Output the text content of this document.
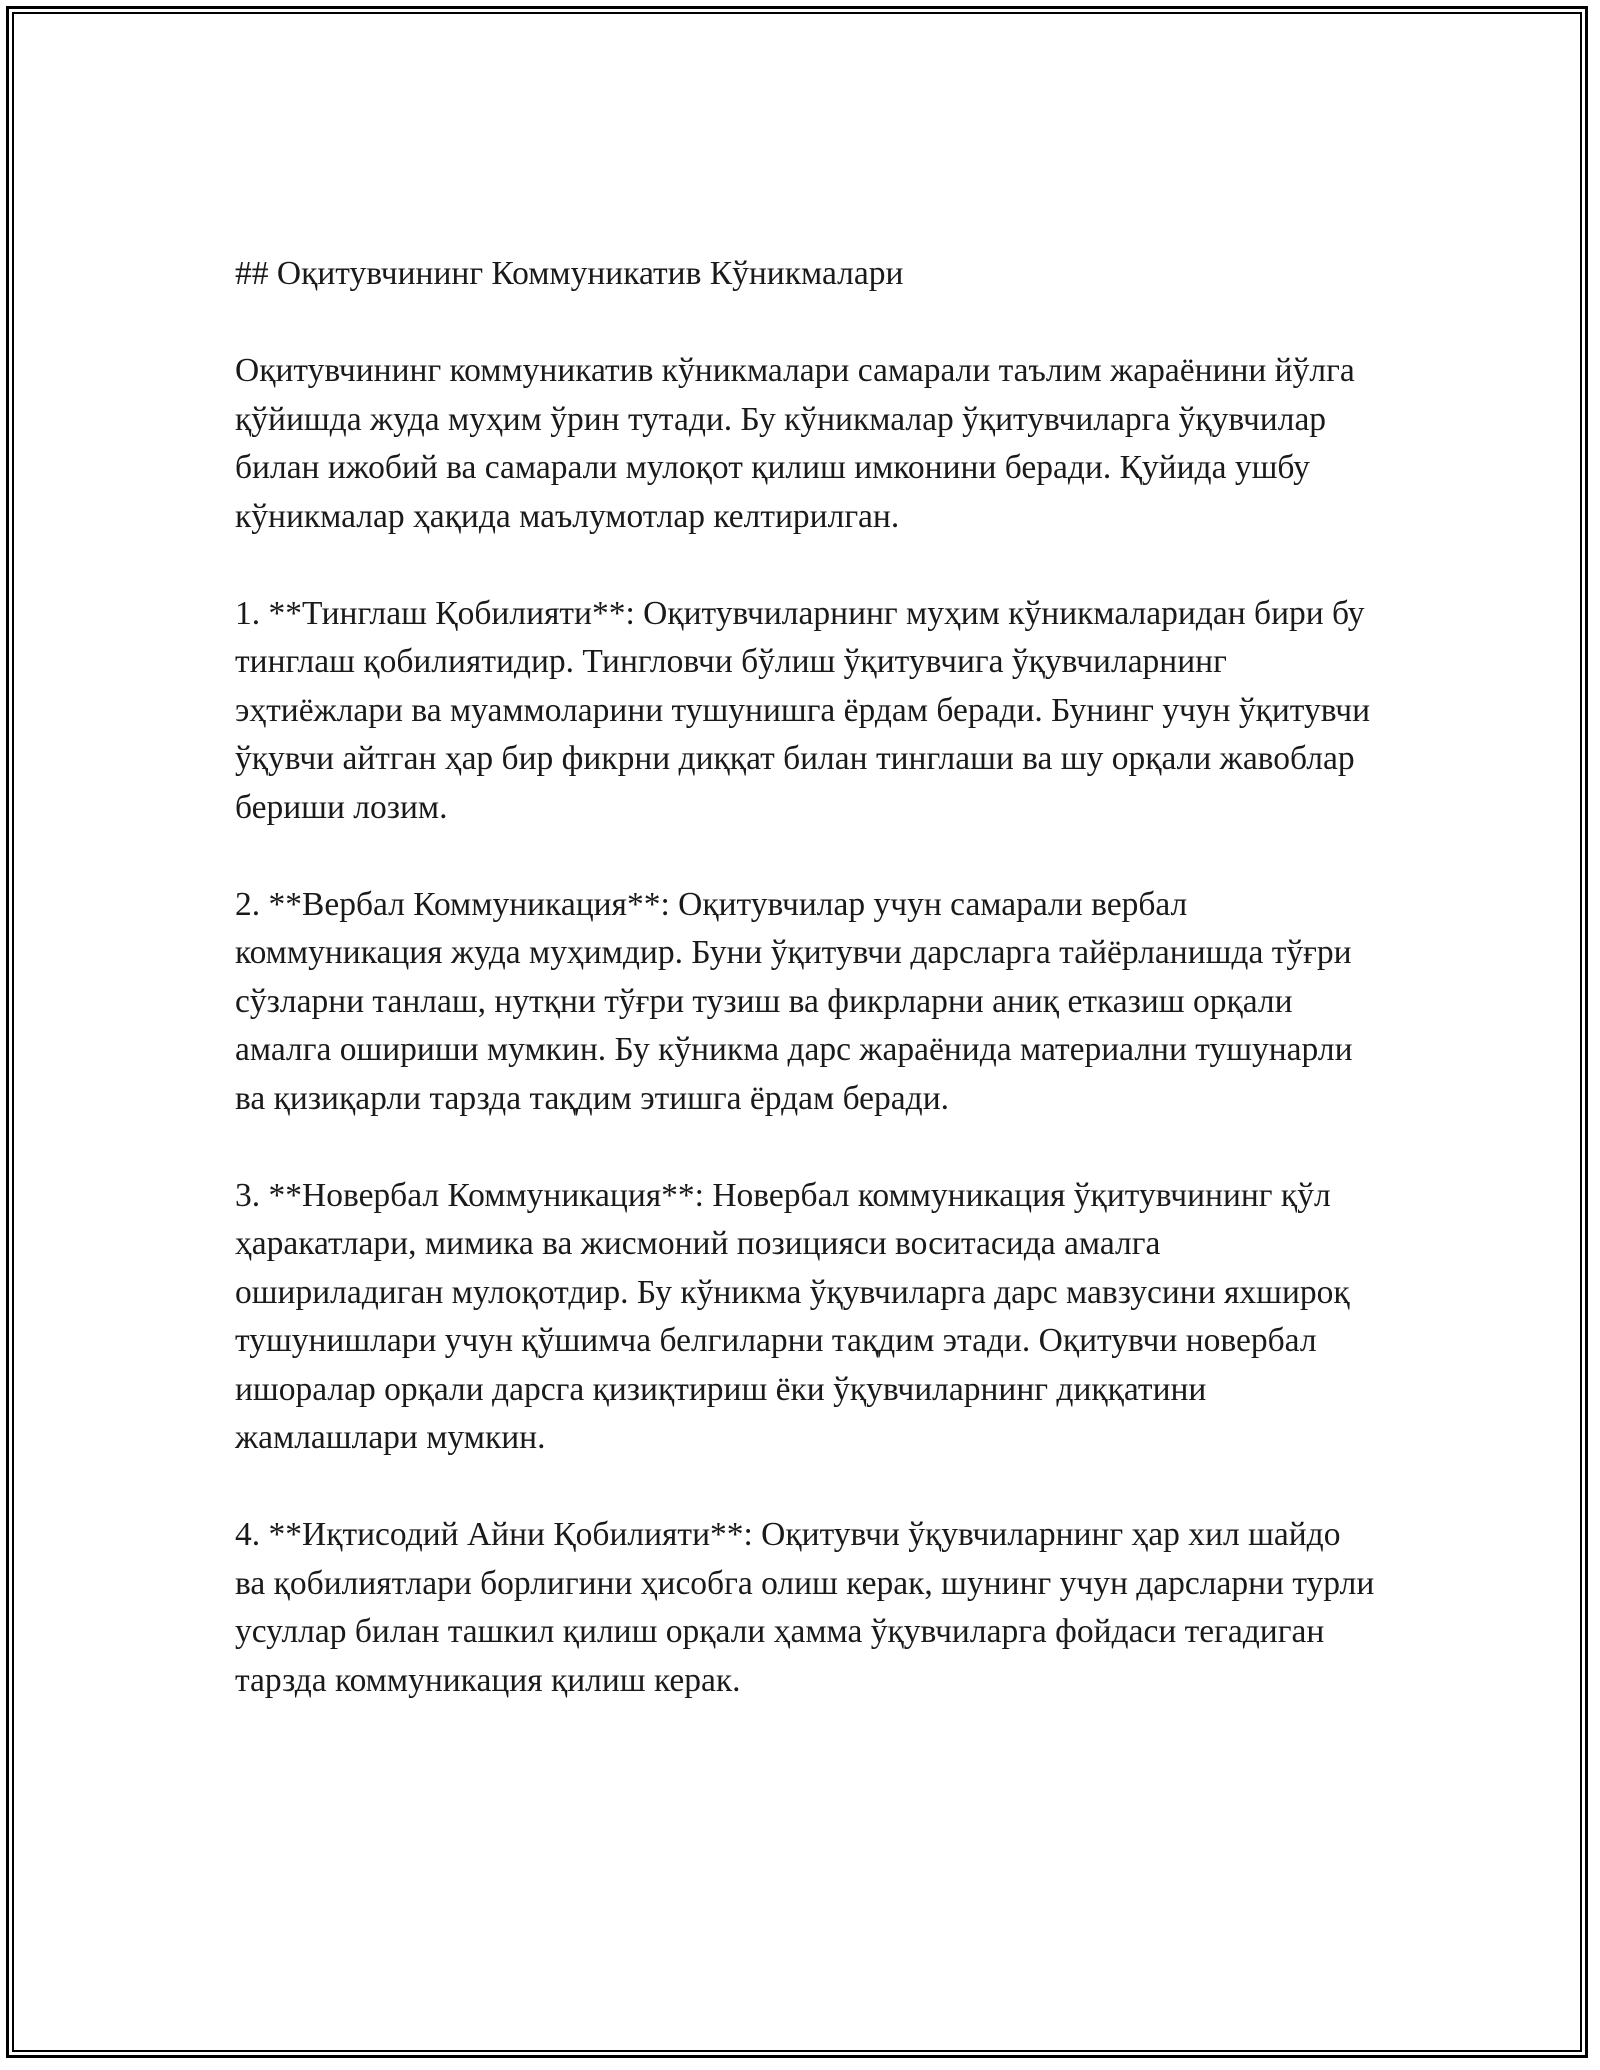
## Оқитувчининг Коммуникатив Кўникмалари

Оқитувчининг коммуникатив кўникмалари самарали таълим жараёнини йўлга қўйишда жуда муҳим ўрин тутади. Бу кўникмалар ўқитувчиларга ўқувчилар билан ижобий ва самарали мулоқот қилиш имконини беради. Қуйида ушбу кўникмалар ҳақида маълумотлар келтирилган.

1. **Тинглаш Қобилияти**: Оқитувчиларнинг муҳим кўникмаларидан бири бу тинглаш қобилиятидир. Тингловчи бўлиш ўқитувчига ўқувчиларнинг эҳтиёжлари ва муаммоларини тушунишга ёрдам беради. Бунинг учун ўқитувчи ўқувчи айтган ҳар бир фикрни диққат билан тинглаши ва шу орқали жавоблар бериши лозим.

2. **Вербал Коммуникация**: Оқитувчилар учун самарали вербал коммуникация жуда муҳимдир. Буни ўқитувчи дарсларга тайёрланишда тўғри сўзларни танлаш, нутқни тўғри тузиш ва фикрларни аниқ етказиш орқали амалга ошириши мумкин. Бу кўникма дарс жараёнида материални тушунарли ва қизиқарли тарзда тақдим этишга ёрдам беради.

3. **Новербал Коммуникация**: Новербал коммуникация ўқитувчининг қўл ҳаракатлари, мимика ва жисмоний позицияси воситасида амалга ошириладиган мулоқотдир. Бу кўникма ўқувчиларга дарс мавзусини яхшироқ тушунишлари учун қўшимча белгиларни тақдим этади. Оқитувчи новербал ишоралар орқали дарсга қизиқтириш ёки ўқувчиларнинг диққатини жамлашлари мумкин.

4. **Иқтисодий Айни Қобилияти**: Оқитувчи ўқувчиларнинг ҳар хил шайдо ва қобилиятлари борлигини ҳисобга олиш керак, шунинг учун дарсларни турли усуллар билан ташкил қилиш орқали ҳамма ўқувчиларга фойдаси тегадиган тарзда коммуникация қилиш керак.
